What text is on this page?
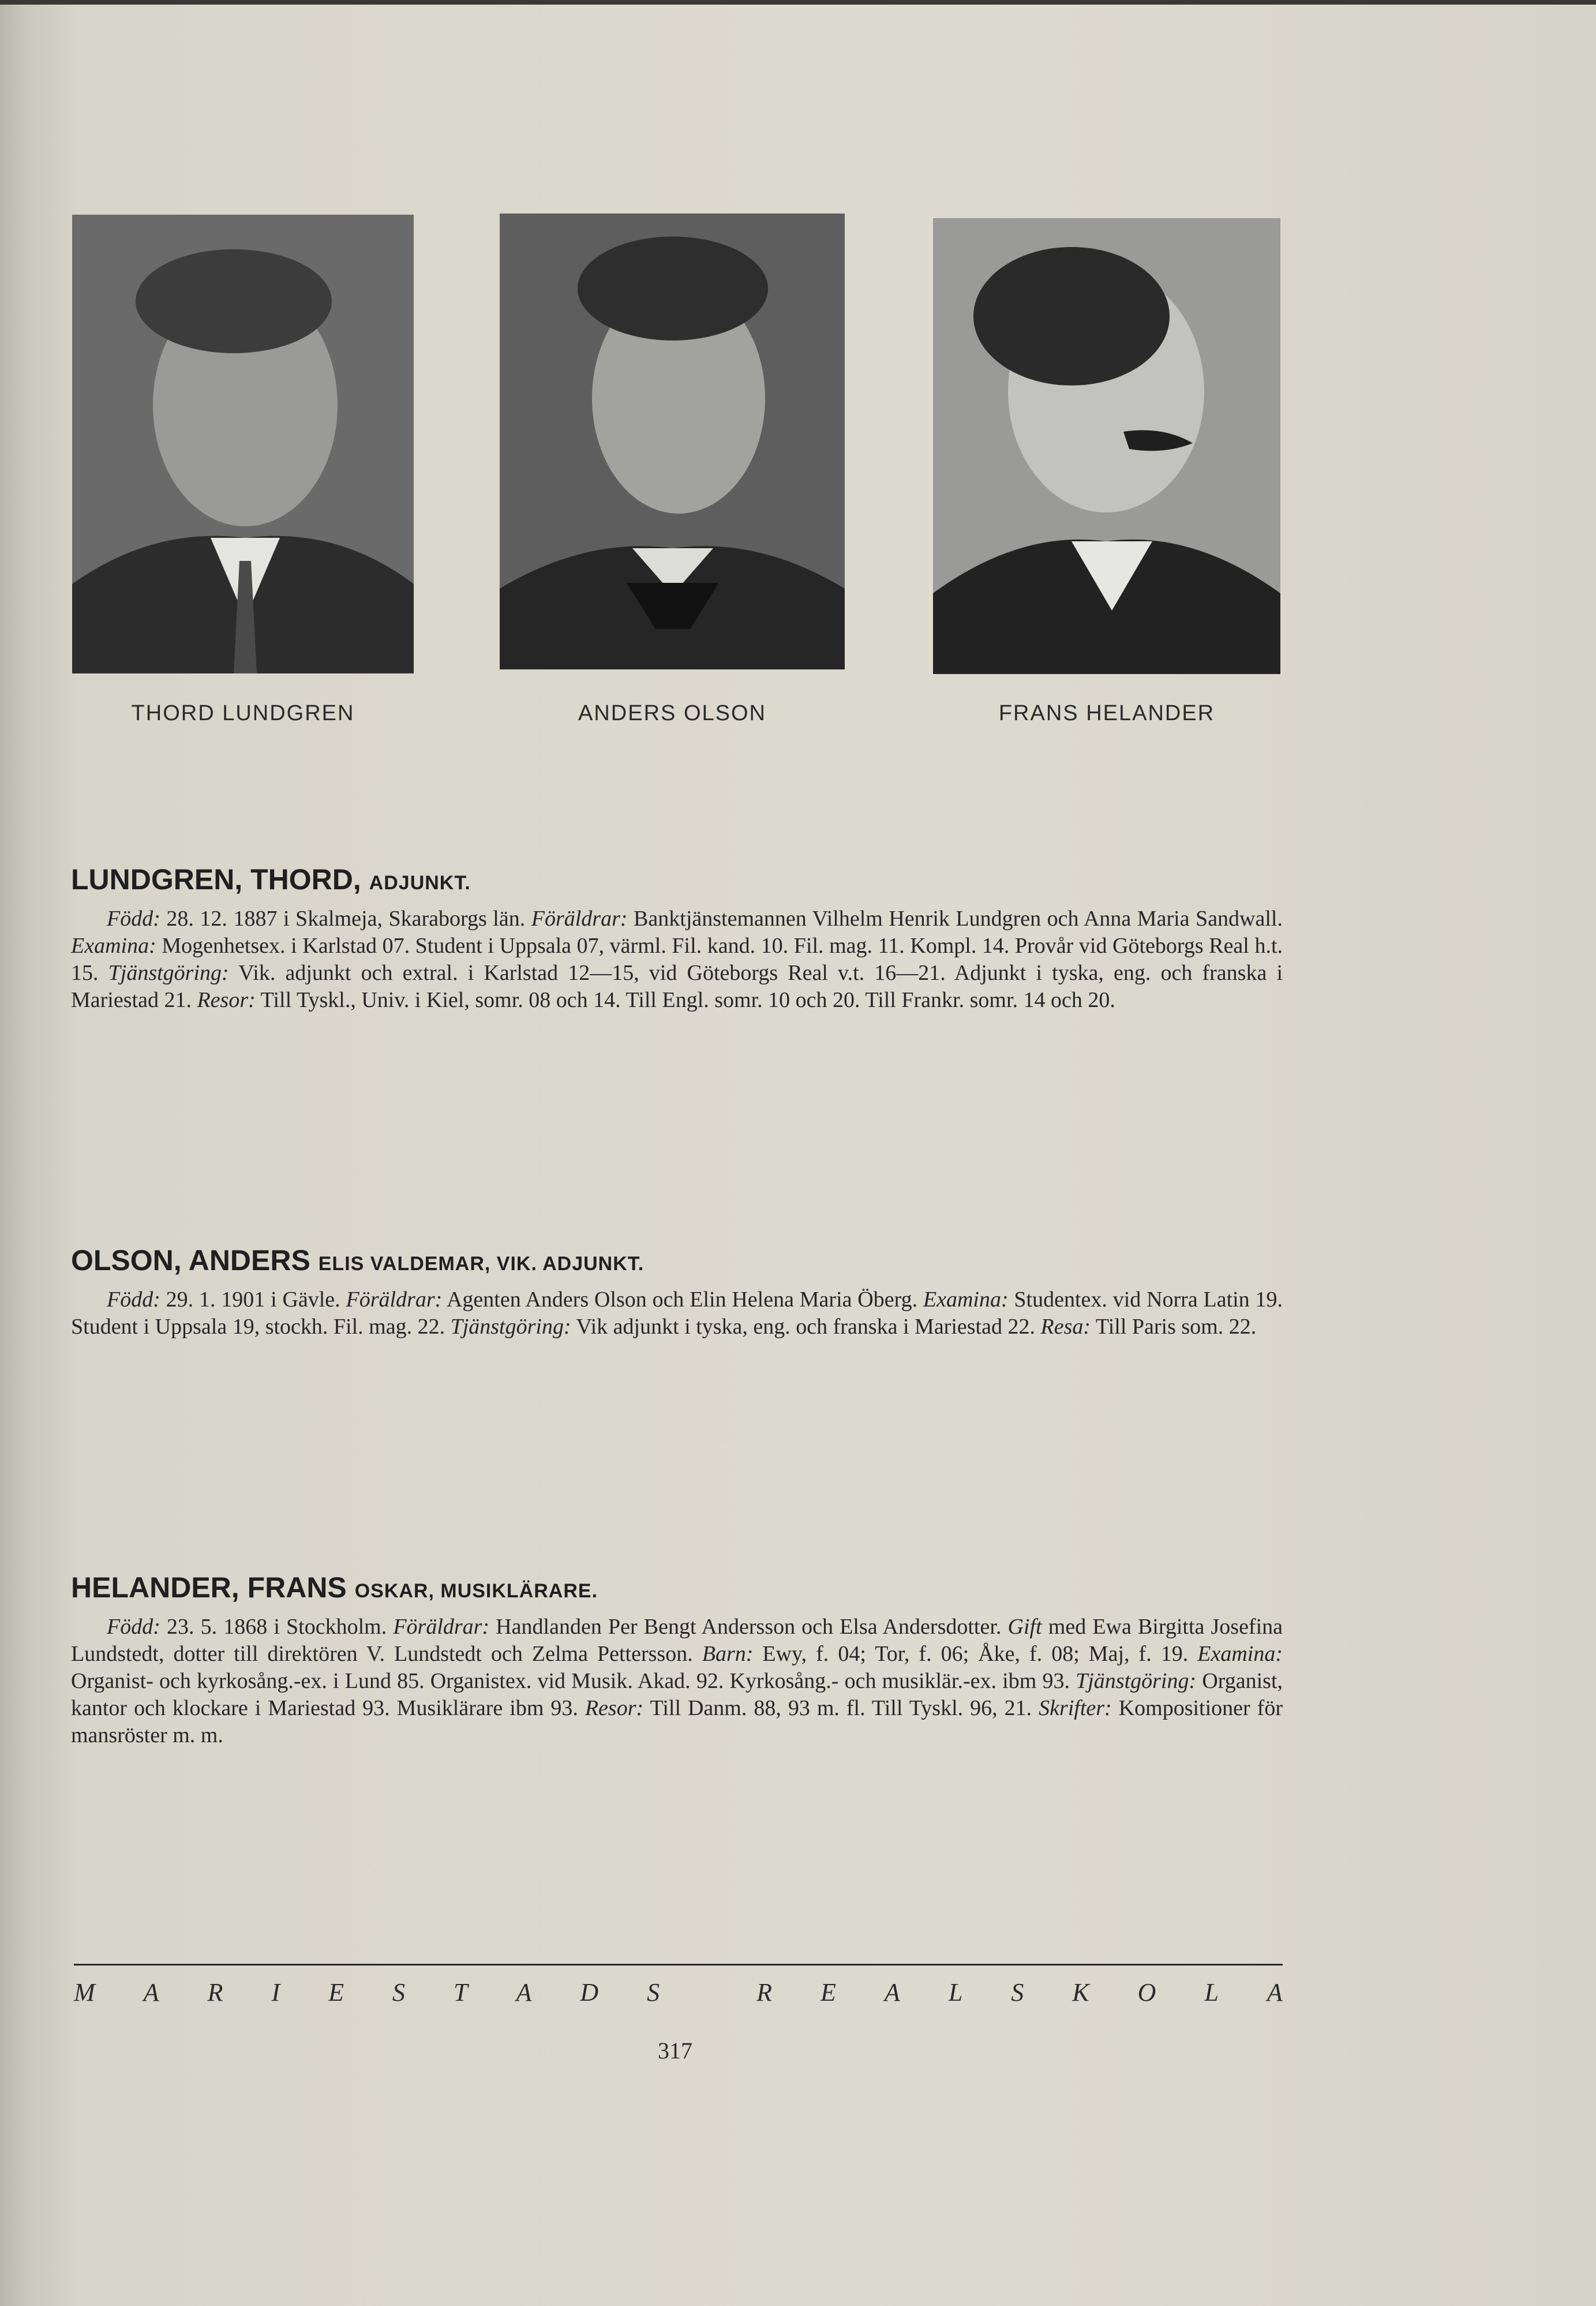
THORD LUNDGREN	ANDERS OLSON	FRANS HELANDER
LUNDGREN, THORD, ADJUNKT.
Född: 28. 12. 1887 i Skalmeja, Skaraborgs län. Föräldrar: Banktjänstemannen Vilhelm Henrik Lundgren och Anna Maria Sandwall. Examina: Mogenhetsex. i Karlstad 07. Student i Uppsala 07, värml. Fil. kand. 10. Fil. mag. 11. Kompl. 14. Provår vid Göteborgs Real h.t. 15. Tjänstgöring: Vik. adjunkt och extral. i Karlstad 12—15, vid Göteborgs Real v.t. 16—21. Adjunkt i tyska, eng. och franska i Mariestad 21. Resor: Till Tyskl., Univ. i Kiel, somr. 08 och 14. Till Engl. somr. 10 och 20. Till Frankr. somr. 14 och 20.
OLSON, ANDERS ELIS VALDEMAR, VIK. ADJUNKT.
Född: 29. 1. 1901 i Gävle. Föräldrar: Agenten Anders Olson och Elin Helena Maria Öberg. Examina: Studentex. vid Norra Latin 19. Student i Uppsala 19, stockh. Fil. mag. 22. Tjänstgöring: Vik adjunkt i tyska, eng. och franska i Mariestad 22. Resa: Till Paris som. 22.
HELANDER, FRANS OSKAR, MUSIKLÄRARE.
Född: 23. 5. 1868 i Stockholm. Föräldrar: Handlanden Per Bengt Andersson och Elsa Andersdotter. Gift med Ewa Birgitta Josefina Lundstedt, dotter till direktören V. Lundstedt och Zelma Pettersson. Barn: Ewy, f. 04; Tor, f. 06; Åke, f. 08; Maj, f. 19. Examina: Organist- och kyrkosång.-ex. i Lund 85. Organistex. vid Musik. Akad. 92. Kyrkosång.- och musiklär.-ex. ibm 93. Tjänstgöring: Organist, kantor och klockare i Mariestad 93. Musiklärare ibm 93. Resor: Till Danm. 88, 93 m. fl. Till Tyskl. 96, 21. Skrifter: Kompositioner för mansröster m. m.
M A R I E S T A D S	R E A L S K O L A
317
